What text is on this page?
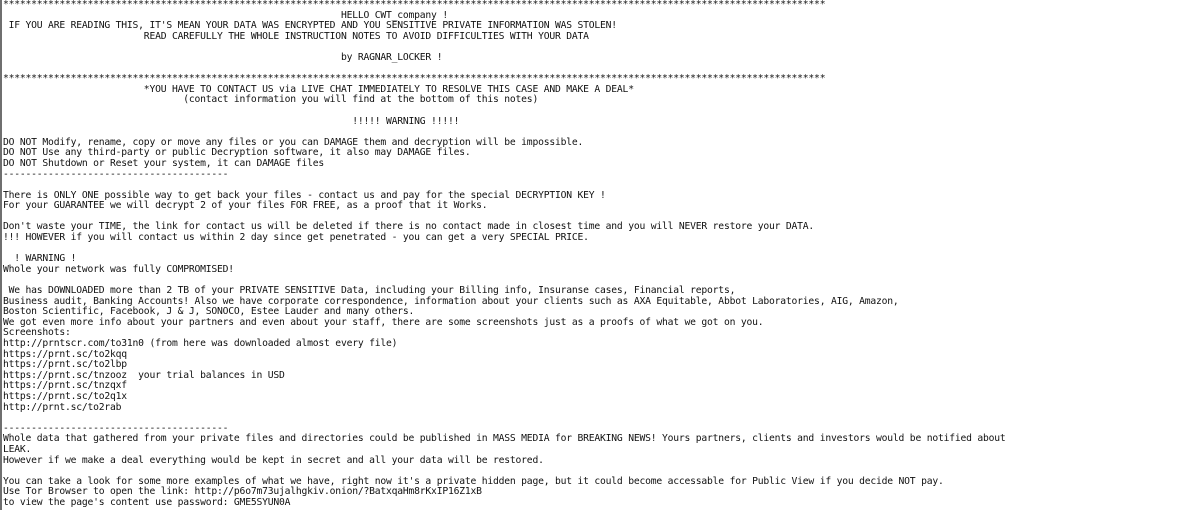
**************************************************************************************************************************************************
HELLO CWT_company !
IF YOU ARE READING THIS, IT'S MEAN YOUR DATA WAS ENCRYPTED AND YOU SENSITIVE PRIVATE INFORMATION WAS STOLEN!
READ CAREFULLY THE WHOLE INSTRUCTION NOTES TO AVOID DIFFICULTIES WITH YOUR DATA
by RAGNAR_LOCKER !
**************************************************************************************************************************************************
*YOU HAVE TO CONTACT US via LIVE CHAT IMMEDIATELY TO RESOLVE THIS CASE AND MAKE A DEAL*
(contact information you will find at the bottom of this notes)
!!!!! WARNING !!!!!
DO NOT Modify, rename, copy or move any files or you can DAMAGE them and decryption will be impossible.
DO NOT Use any third-party or public Decryption software, it also may DAMAGE files.
DO NOT Shutdown or Reset your system, it can DAMAGE files
----------------------------------------
There is ONLY ONE possible way to get back your files - contact us and pay for the special DECRYPTION KEY !
For your GUARANTEE we will decrypt 2 of your files FOR FREE, as a proof that it Works.
Don't waste your TIME, the link for contact us will be deleted if there is no contact made in closest time and you will NEVER restore your DATA.
!!! HOWEVER if you will contact us within 2 day since get penetrated - you can get a very SPECIAL PRICE.
! WARNING !
Whole your network was fully COMPROMISED!
We has DOWNLOADED more than 2 TB of your PRIVATE SENSITIVE Data, including your Billing info, Insuranse cases, Financial reports,
Business audit, Banking Accounts! Also we have corporate correspondence, information about your clients such as AXA Equitable, Abbot Laboratories, AIG, Amazon,
Boston Scientific, Facebook, J & J, SONOCO, Estee Lauder and many others.
We got even more info about your partners and even about your staff, there are some screenshots just as a proofs of what we got on you.
Screenshots:
http://prntscr.com/to31n0 (from here was downloaded almost every file)
https://prnt.sc/to2kqq
https://prnt.sc/to2lbp
https://prnt.sc/tnzooz  your trial balances in USD
https://prnt.sc/tnzqxf
https://prnt.sc/to2q1x
http://prnt.sc/to2rab
----------------------------------------
Whole data that gathered from your private files and directories could be published in MASS MEDIA for BREAKING NEWS! Yours partners, clients and investors would be notified about
LEAK.
However if we make a deal everything would be kept in secret and all your data will be restored.
You can take a look for some more examples of what we have, right now it's a private hidden page, but it could become accessable for Public View if you decide NOT pay.
Use Tor Browser to open the link: http://p6o7m73ujalhgkiv.onion/?BatxqaHm8rKxIP16Z1xB
to view the page's content use password: GME5SYUN0A
